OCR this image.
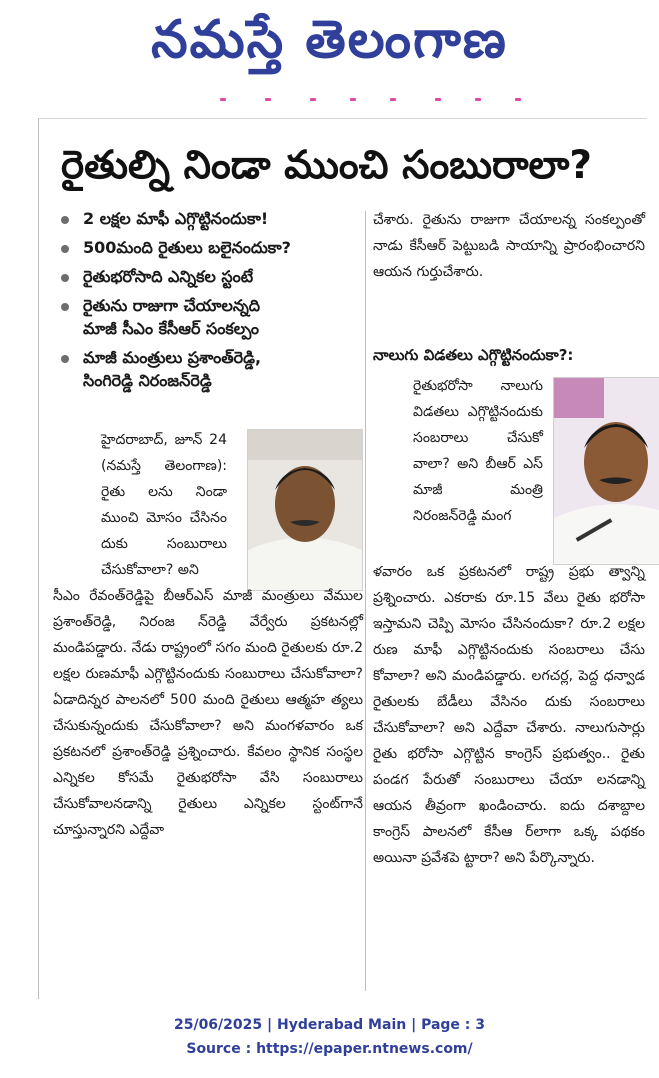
నమస్తే తెలంగాణ
రైతుల్ని నిండా ముంచి సంబురాలా?
2 లక్షల మాఫీ ఎగ్గొట్టినందుకా!
500మంది రైతులు బలైనందుకా?
రైతుభరోసాది ఎన్నికల స్టంటే
రైతును రాజుగా చేయాలన్నది
మాజీ సీఎం కేసీఆర్ సంకల్పం
మాజీ మంత్రులు ప్రశాంత్‌రెడ్డి,
సింగిరెడ్డి నిరంజన్‌రెడ్డి

హైదరాబాద్, జూన్ 24 (నమస్తే తెలంగాణ): రైతు లను నిండా ముంచి మోసం చేసినం దుకు సంబురాలు చేసుకోవాలా? అని

సీఎం రేవంత్‌రెడ్డిపై బీఆర్‌ఎస్ మాజీ మంత్రులు వేముల ప్రశాంత్‌రెడ్డి, నిరంజ న్‌రెడ్డి వేర్వేరు ప్రకటనల్లో మండిపడ్డారు. నేడు రాష్ట్రంలో సగం మంది రైతులకు రూ.2 లక్షల రుణమాఫీ ఎగ్గొట్టినందుకు సంబురాలు చేసుకోవాలా? ఏడాదిన్నర పాలనలో 500 మంది రైతులు ఆత్మహ త్యలు చేసుకున్నందుకు చేసుకోవాలా? అని మంగళవారం ఒక ప్రకటనలో ప్రశాంత్‌రెడ్డి ప్రశ్నించారు. కేవలం స్థానిక సంస్థల ఎన్నికల కోసమే రైతుభరోసా వేసి సంబురాలు చేసుకోవాలనడాన్ని రైతులు ఎన్నికల స్టంట్‌గానే చూస్తున్నారని ఎద్దేవా

చేశారు. రైతును రాజుగా చేయాలన్న సంకల్పంతో నాడు కేసీఆర్ పెట్టుబడి సాయాన్ని ప్రారంభించారని ఆయన గుర్తుచేశారు.

నాలుగు విడతలు ఎగ్గొట్టినందుకా?:

రైతుభరోసా నాలుగు విడతలు ఎగ్గొట్టినందుకు సంబరాలు చేసుకో వాలా? అని బీఆర్ ఎస్ మాజీ మంత్రి నిరంజన్‌రెడ్డి మంగ

ళవారం ఒక ప్రకటనలో రాష్ట్ర ప్రభు త్వాన్ని ప్రశ్నించారు. ఎకరాకు రూ.15 వేలు రైతు భరోసా ఇస్తామని చెప్పి మోసం చేసినందుకా? రూ.2 లక్షల రుణ మాఫీ ఎగ్గొట్టినందుకు సంబరాలు చేసు కోవాలా? అని మండిపడ్డారు. లగచర్ల, పెద్ద ధన్వాడ రైతులకు బేడీలు వేసినం దుకు సంబరాలు చేసుకోవాలా? అని ఎద్దేవా చేశారు. నాలుగుసార్లు రైతు భరోసా ఎగ్గొట్టిన కాంగ్రెస్ ప్రభుత్వం.. రైతు పండగ పేరుతో సంబురాలు చేయా లనడాన్ని ఆయన తీవ్రంగా ఖండించారు. ఐదు దశాబ్దాల కాంగ్రెస్ పాలనలో కేసీఆ ర్‌లాగా ఒక్క పథకం అయినా ప్రవేశపె ట్టారా? అని పేర్కొన్నారు.

25/06/2025 | Hyderabad Main | Page : 3
Source : https://epaper.ntnews.com/
